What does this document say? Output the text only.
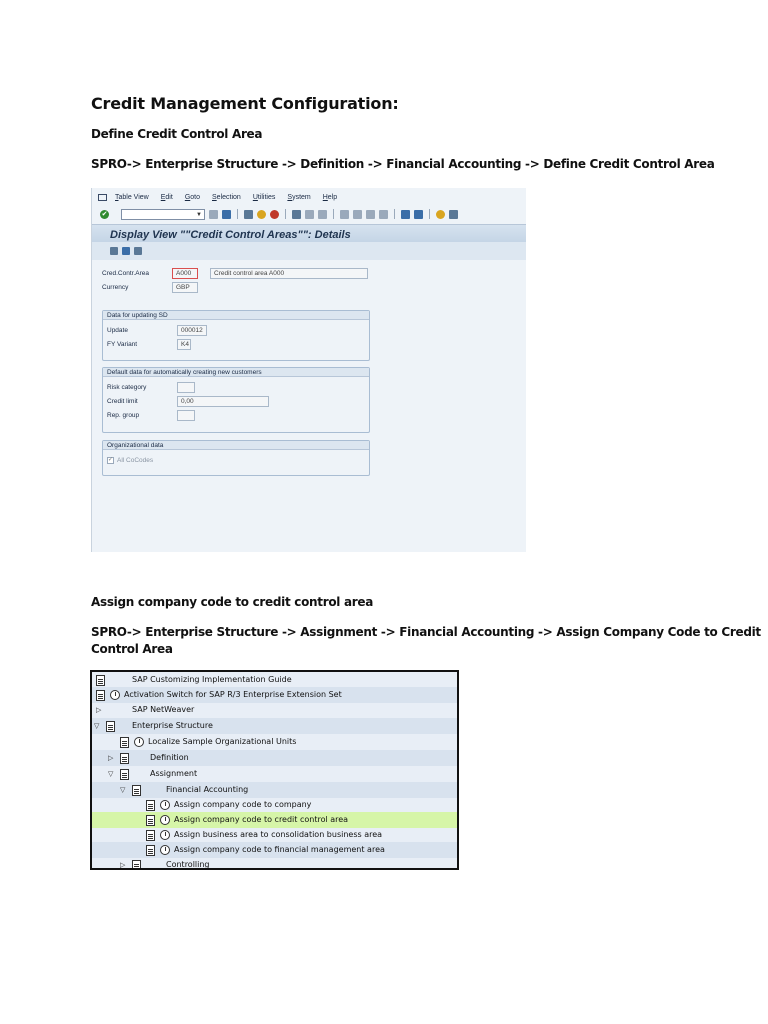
Credit Management Configuration:
Define Credit Control Area
SPRO-> Enterprise Structure -> Definition -> Financial Accounting -> Define Credit Control Area
Table View Edit Goto Selection Utilities System Help
✔	▼
Display View ""Credit Control Areas"": Details
Cred.Contr.Area	A000	Credit control area A000
Currency	GBP
Data for updating SD
Update	000012
FY Variant	K4
Default data for automatically creating new customers
Risk category
Credit limit	0,00
Rep. group
Organizational data
✓ All CoCodes
Assign company code to credit control area
SPRO-> Enterprise Structure -> Assignment -> Financial Accounting -> Assign Company Code to Credit
Control Area
SAP Customizing Implementation Guide
Activation Switch for SAP R/3 Enterprise Extension Set
▷	SAP NetWeaver
▽	Enterprise Structure
Localize Sample Organizational Units
▷	Definition
▽	Assignment
▽	Financial Accounting
Assign company code to company
Assign company code to credit control area
Assign business area to consolidation business area
Assign company code to financial management area
▷	Controlling
